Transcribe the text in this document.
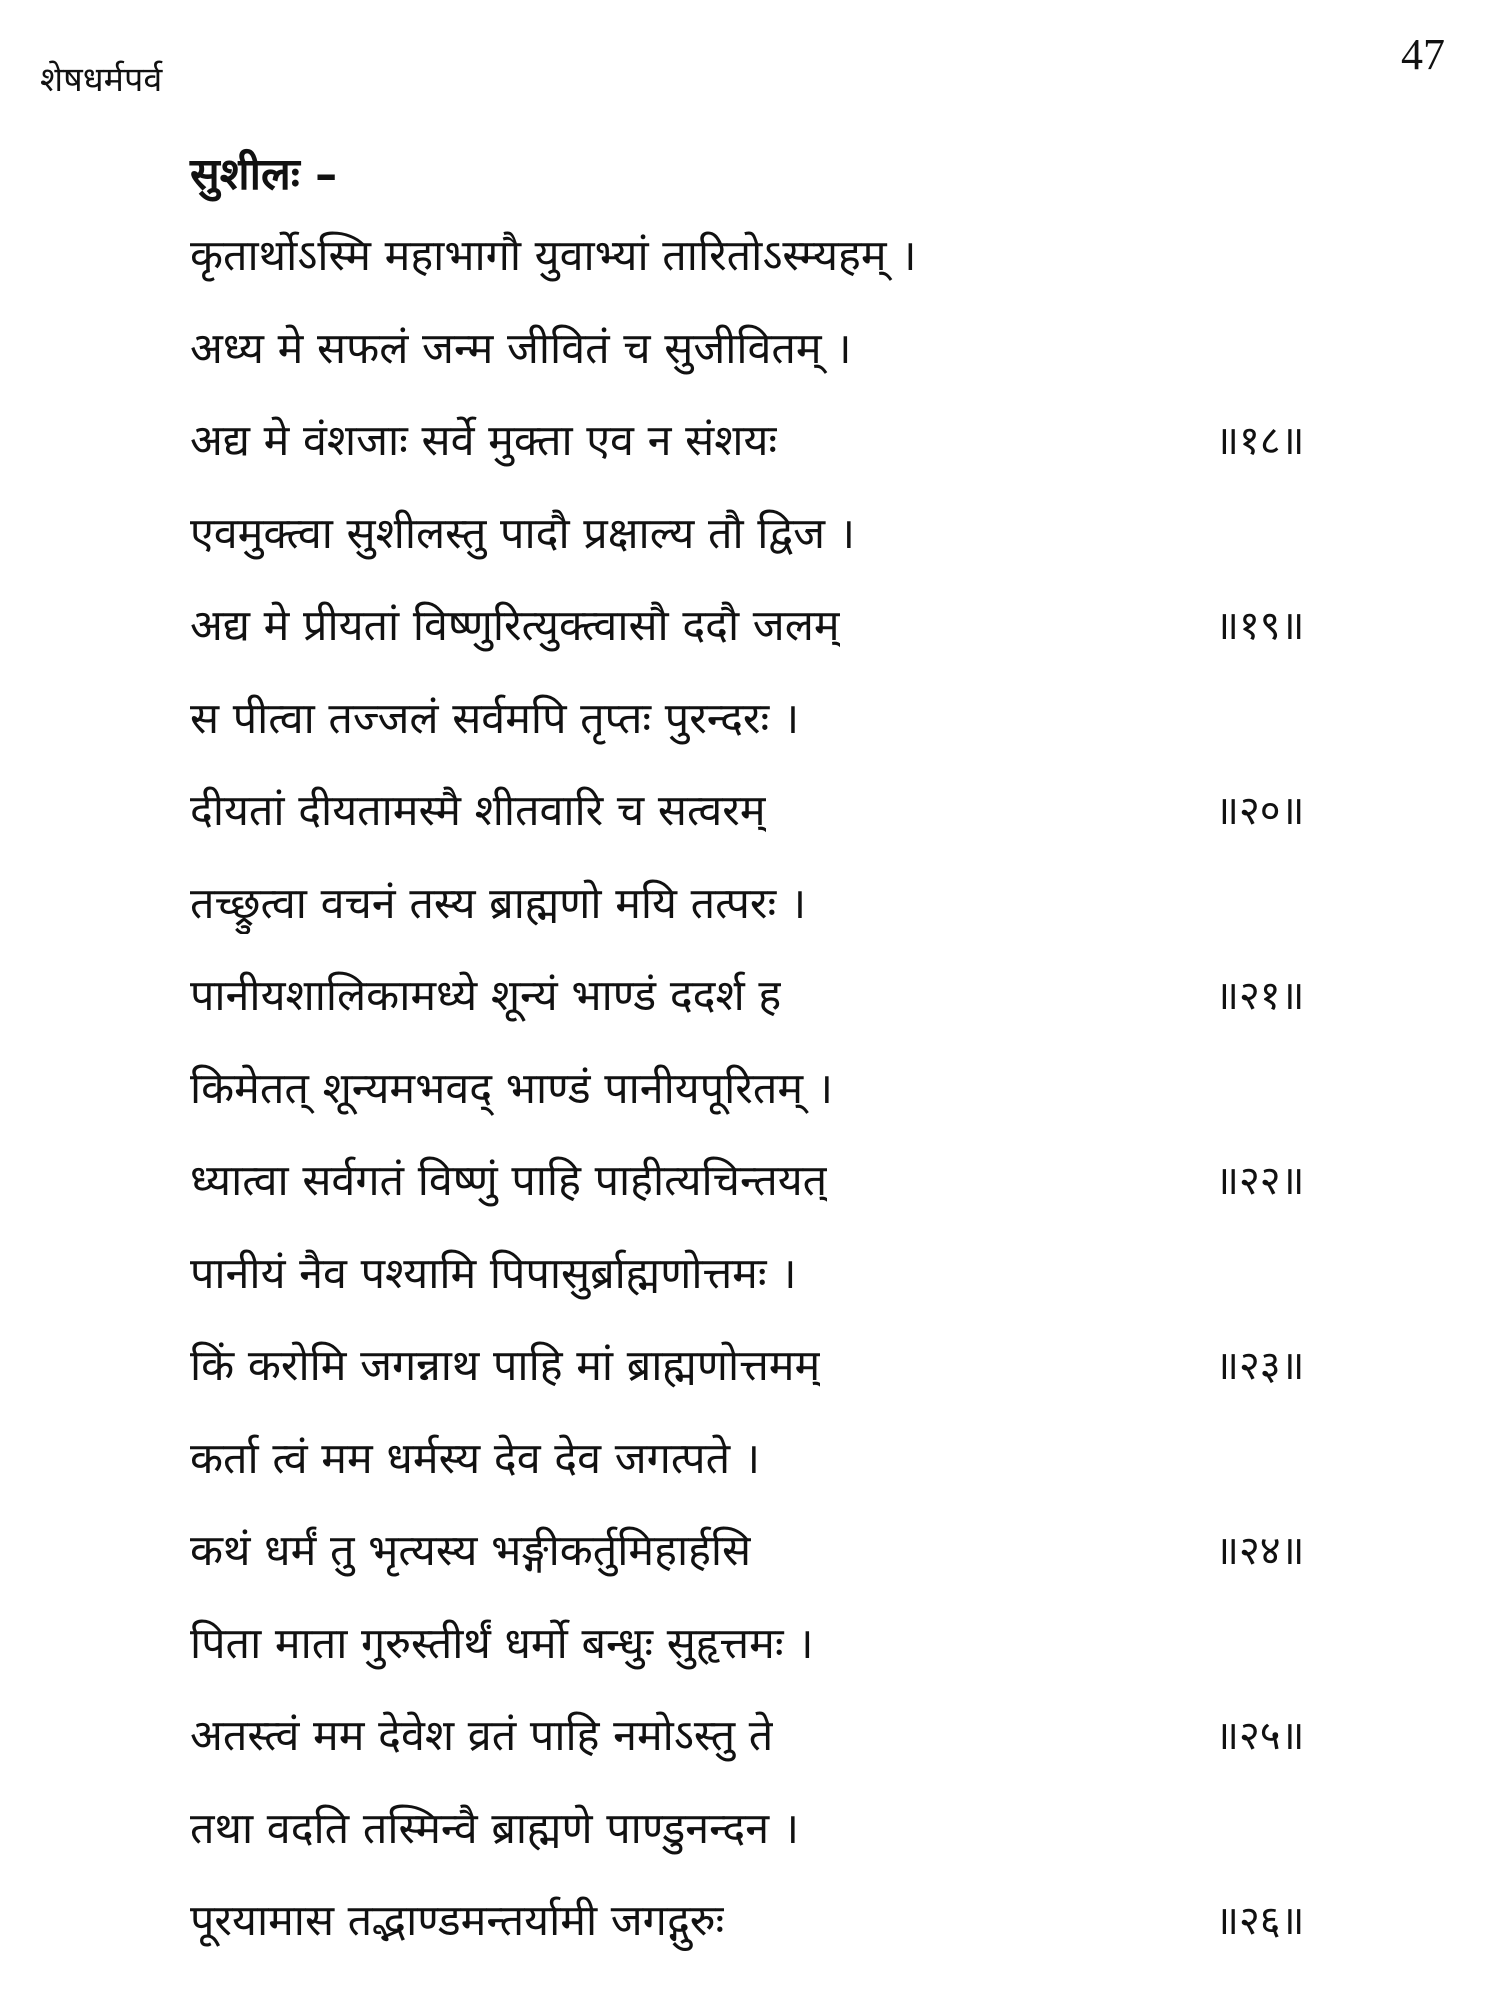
शेषधर्मपर्व
47
सुशीलः –
कृतार्थोऽस्मि महाभागौ युवाभ्यां तारितोऽस्म्यहम् ।
अध्य मे सफलं जन्म जीवितं च सुजीवितम् ।
अद्य मे वंशजाः सर्वे मुक्ता एव न संशयः	॥१८॥
एवमुक्त्वा सुशीलस्तु पादौ प्रक्षाल्य तौ द्विज ।
अद्य मे प्रीयतां विष्णुरित्युक्त्वासौ ददौ जलम्	॥१९॥
स पीत्वा तज्जलं सर्वमपि तृप्तः पुरन्दरः ।
दीयतां दीयतामस्मै शीतवारि च सत्वरम्	॥२०॥
तच्छ्रुत्वा वचनं तस्य ब्राह्मणो मयि तत्परः ।
पानीयशालिकामध्ये शून्यं भाण्डं ददर्श ह	॥२१॥
किमेतत् शून्यमभवद् भाण्डं पानीयपूरितम् ।
ध्यात्वा सर्वगतं विष्णुं पाहि पाहीत्यचिन्तयत्	॥२२॥
पानीयं नैव पश्यामि पिपासुर्ब्राह्मणोत्तमः ।
किं करोमि जगन्नाथ पाहि मां ब्राह्मणोत्तमम्	॥२३॥
कर्ता त्वं मम धर्मस्य देव देव जगत्पते ।
कथं धर्मं तु भृत्यस्य भङ्गीकर्तुमिहार्हसि	॥२४॥
पिता माता गुरुस्तीर्थं धर्मो बन्धुः सुहृत्तमः ।
अतस्त्वं मम देवेश व्रतं पाहि नमोऽस्तु ते	॥२५॥
तथा वदति तस्मिन्वै ब्राह्मणे पाण्डुनन्दन ।
पूरयामास तद्भाण्डमन्तर्यामी जगद्गुरुः	॥२६॥
